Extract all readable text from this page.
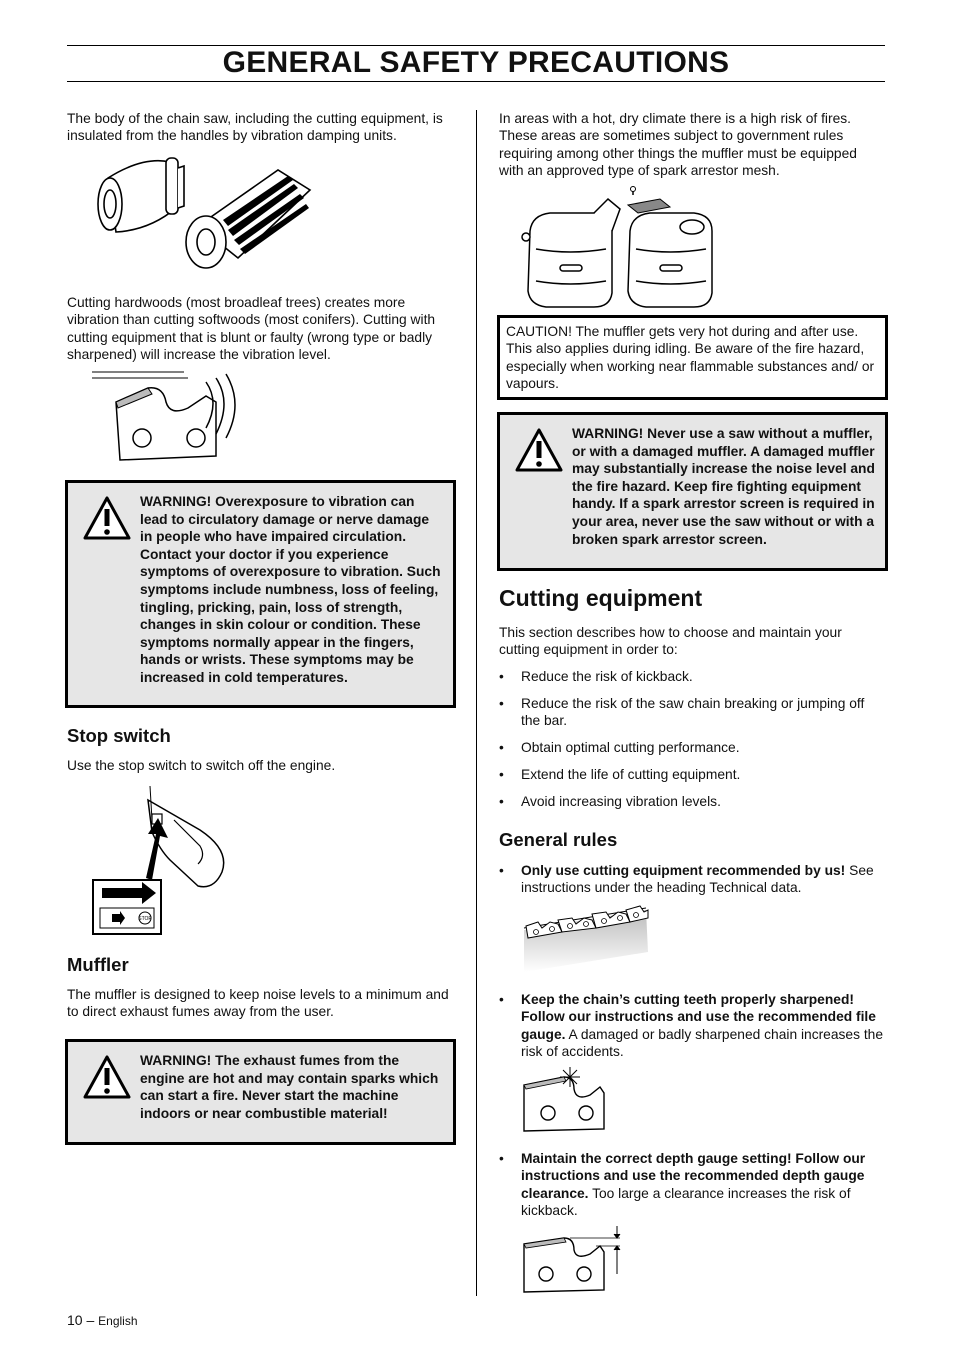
GENERAL SAFETY PRECAUTIONS

The body of the chain saw, including the cutting equipment, is insulated from the handles by vibration damping units.

Cutting hardwoods (most broadleaf trees) creates more vibration than cutting softwoods (most conifers). Cutting with cutting equipment that is blunt or faulty (wrong type or badly sharpened) will increase the vibration level.

WARNING! Overexposure to vibration can lead to circulatory damage or nerve damage in people who have impaired circulation. Contact your doctor if you experience symptoms of overexposure to vibration. Such symptoms include numbness, loss of feeling, tingling, pricking, pain, loss of strength, changes in skin colour or condition. These symptoms normally appear in the fingers, hands or wrists. These symptoms may be increased in cold temperatures.

Stop switch

Use the stop switch to switch off the engine.

STOP
Muffler

The muffler is designed to keep noise levels to a minimum and to direct exhaust fumes away from the user.

WARNING! The exhaust fumes from the engine are hot and may contain sparks which can start a fire. Never start the machine indoors or near combustible material!

10 – English

In areas with a hot, dry climate there is a high risk of fires. These areas are sometimes subject to government rules requiring among other things the muffler must be equipped with an approved type of spark arrestor mesh.

CAUTION! The muffler gets very hot during and after use. This also applies during idling. Be aware of the fire hazard, especially when working near flammable substances and/ or vapours.

WARNING! Never use a saw without a muffler, or with a damaged muffler. A damaged muffler may substantially increase the noise level and the fire hazard. Keep fire fighting equipment handy. If a spark arrestor screen is required in your area, never use the saw without or with a broken spark arrestor screen.

Cutting equipment

This section describes how to choose and maintain your cutting equipment in order to:

• Reduce the risk of kickback.
• Reduce the risk of the saw chain breaking or jumping off the bar.
• Obtain optimal cutting performance.
• Extend the life of cutting equipment.
• Avoid increasing vibration levels.
General rules
• Only use cutting equipment recommended by us! See instructions under the heading Technical data.
• Keep the chain’s cutting teeth properly sharpened! Follow our instructions and use the recommended file gauge. A damaged or badly sharpened chain increases the risk of accidents.
• Maintain the correct depth gauge setting! Follow our instructions and use the recommended depth gauge clearance. Too large a clearance increases the risk of kickback.
